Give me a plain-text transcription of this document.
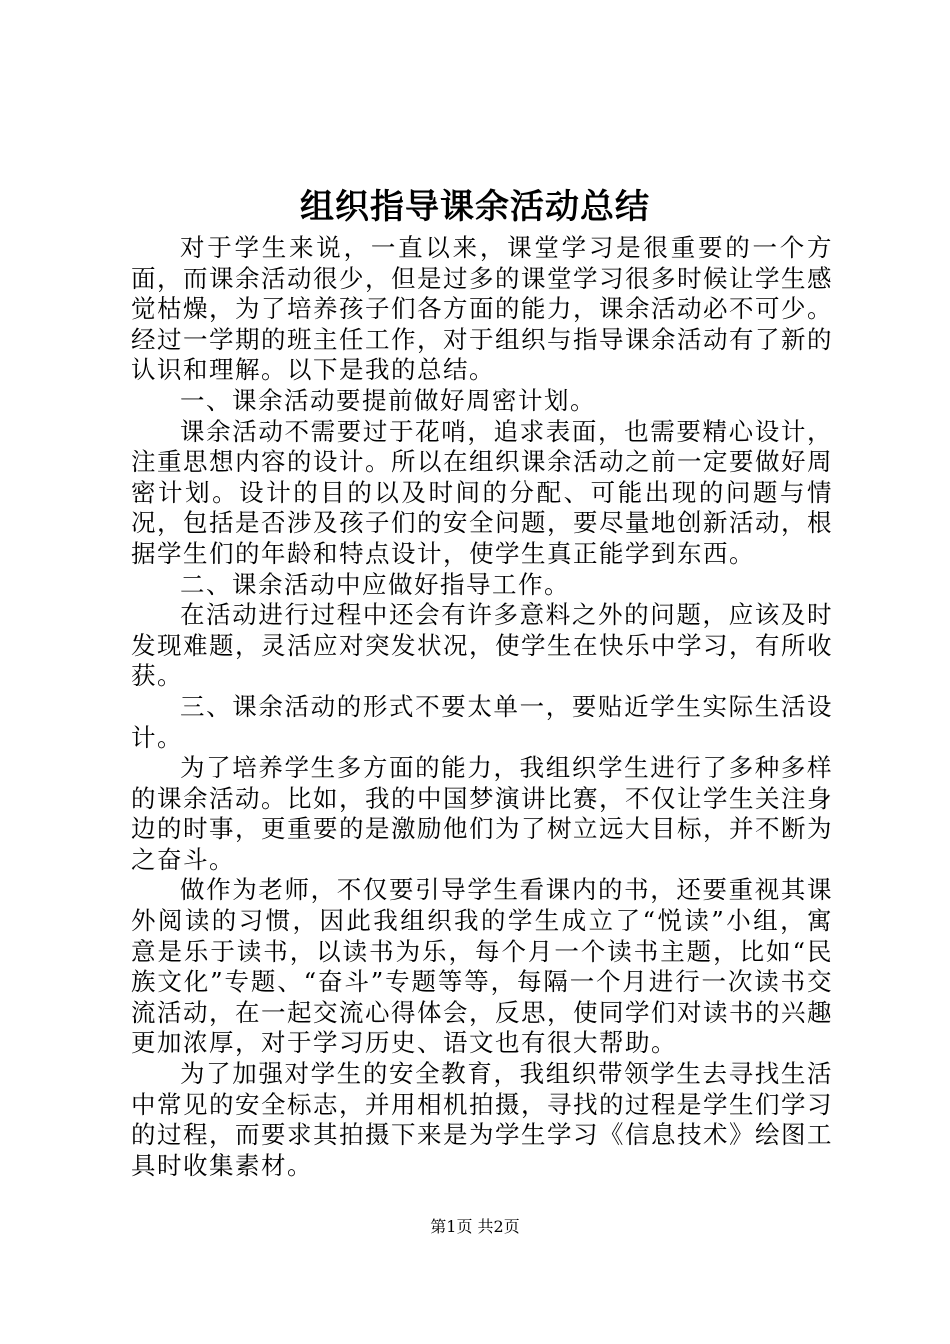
组织指导课余活动总结

对于学生来说，一直以来，课堂学习是很重要的一个方面，而课余活动很少，但是过多的课堂学习很多时候让学生感觉枯燥，为了培养孩子们各方面的能力，课余活动必不可少。经过一学期的班主任工作，对于组织与指导课余活动有了新的认识和理解。以下是我的总结。

一、课余活动要提前做好周密计划。

课余活动不需要过于花哨，追求表面，也需要精心设计，注重思想内容的设计。所以在组织课余活动之前一定要做好周密计划。设计的目的以及时间的分配、可能出现的问题与情况，包括是否涉及孩子们的安全问题，要尽量地创新活动，根据学生们的年龄和特点设计，使学生真正能学到东西。

二、课余活动中应做好指导工作。

在活动进行过程中还会有许多意料之外的问题，应该及时发现难题，灵活应对突发状况，使学生在快乐中学习，有所收获。

三、课余活动的形式不要太单一，要贴近学生实际生活设计。

为了培养学生多方面的能力，我组织学生进行了多种多样的课余活动。比如，我的中国梦演讲比赛，不仅让学生关注身边的时事，更重要的是激励他们为了树立远大目标，并不断为之奋斗。

做作为老师，不仅要引导学生看课内的书，还要重视其课外阅读的习惯，因此我组织我的学生成立了“悦读”小组，寓意是乐于读书，以读书为乐，每个月一个读书主题，比如“民族文化”专题、“奋斗”专题等等，每隔一个月进行一次读书交流活动，在一起交流心得体会，反思，使同学们对读书的兴趣更加浓厚，对于学习历史、语文也有很大帮助。

为了加强对学生的安全教育，我组织带领学生去寻找生活中常见的安全标志，并用相机拍摄，寻找的过程是学生们学习的过程，而要求其拍摄下来是为学生学习《信息技术》绘图工具时收集素材。

第1页 共2页
